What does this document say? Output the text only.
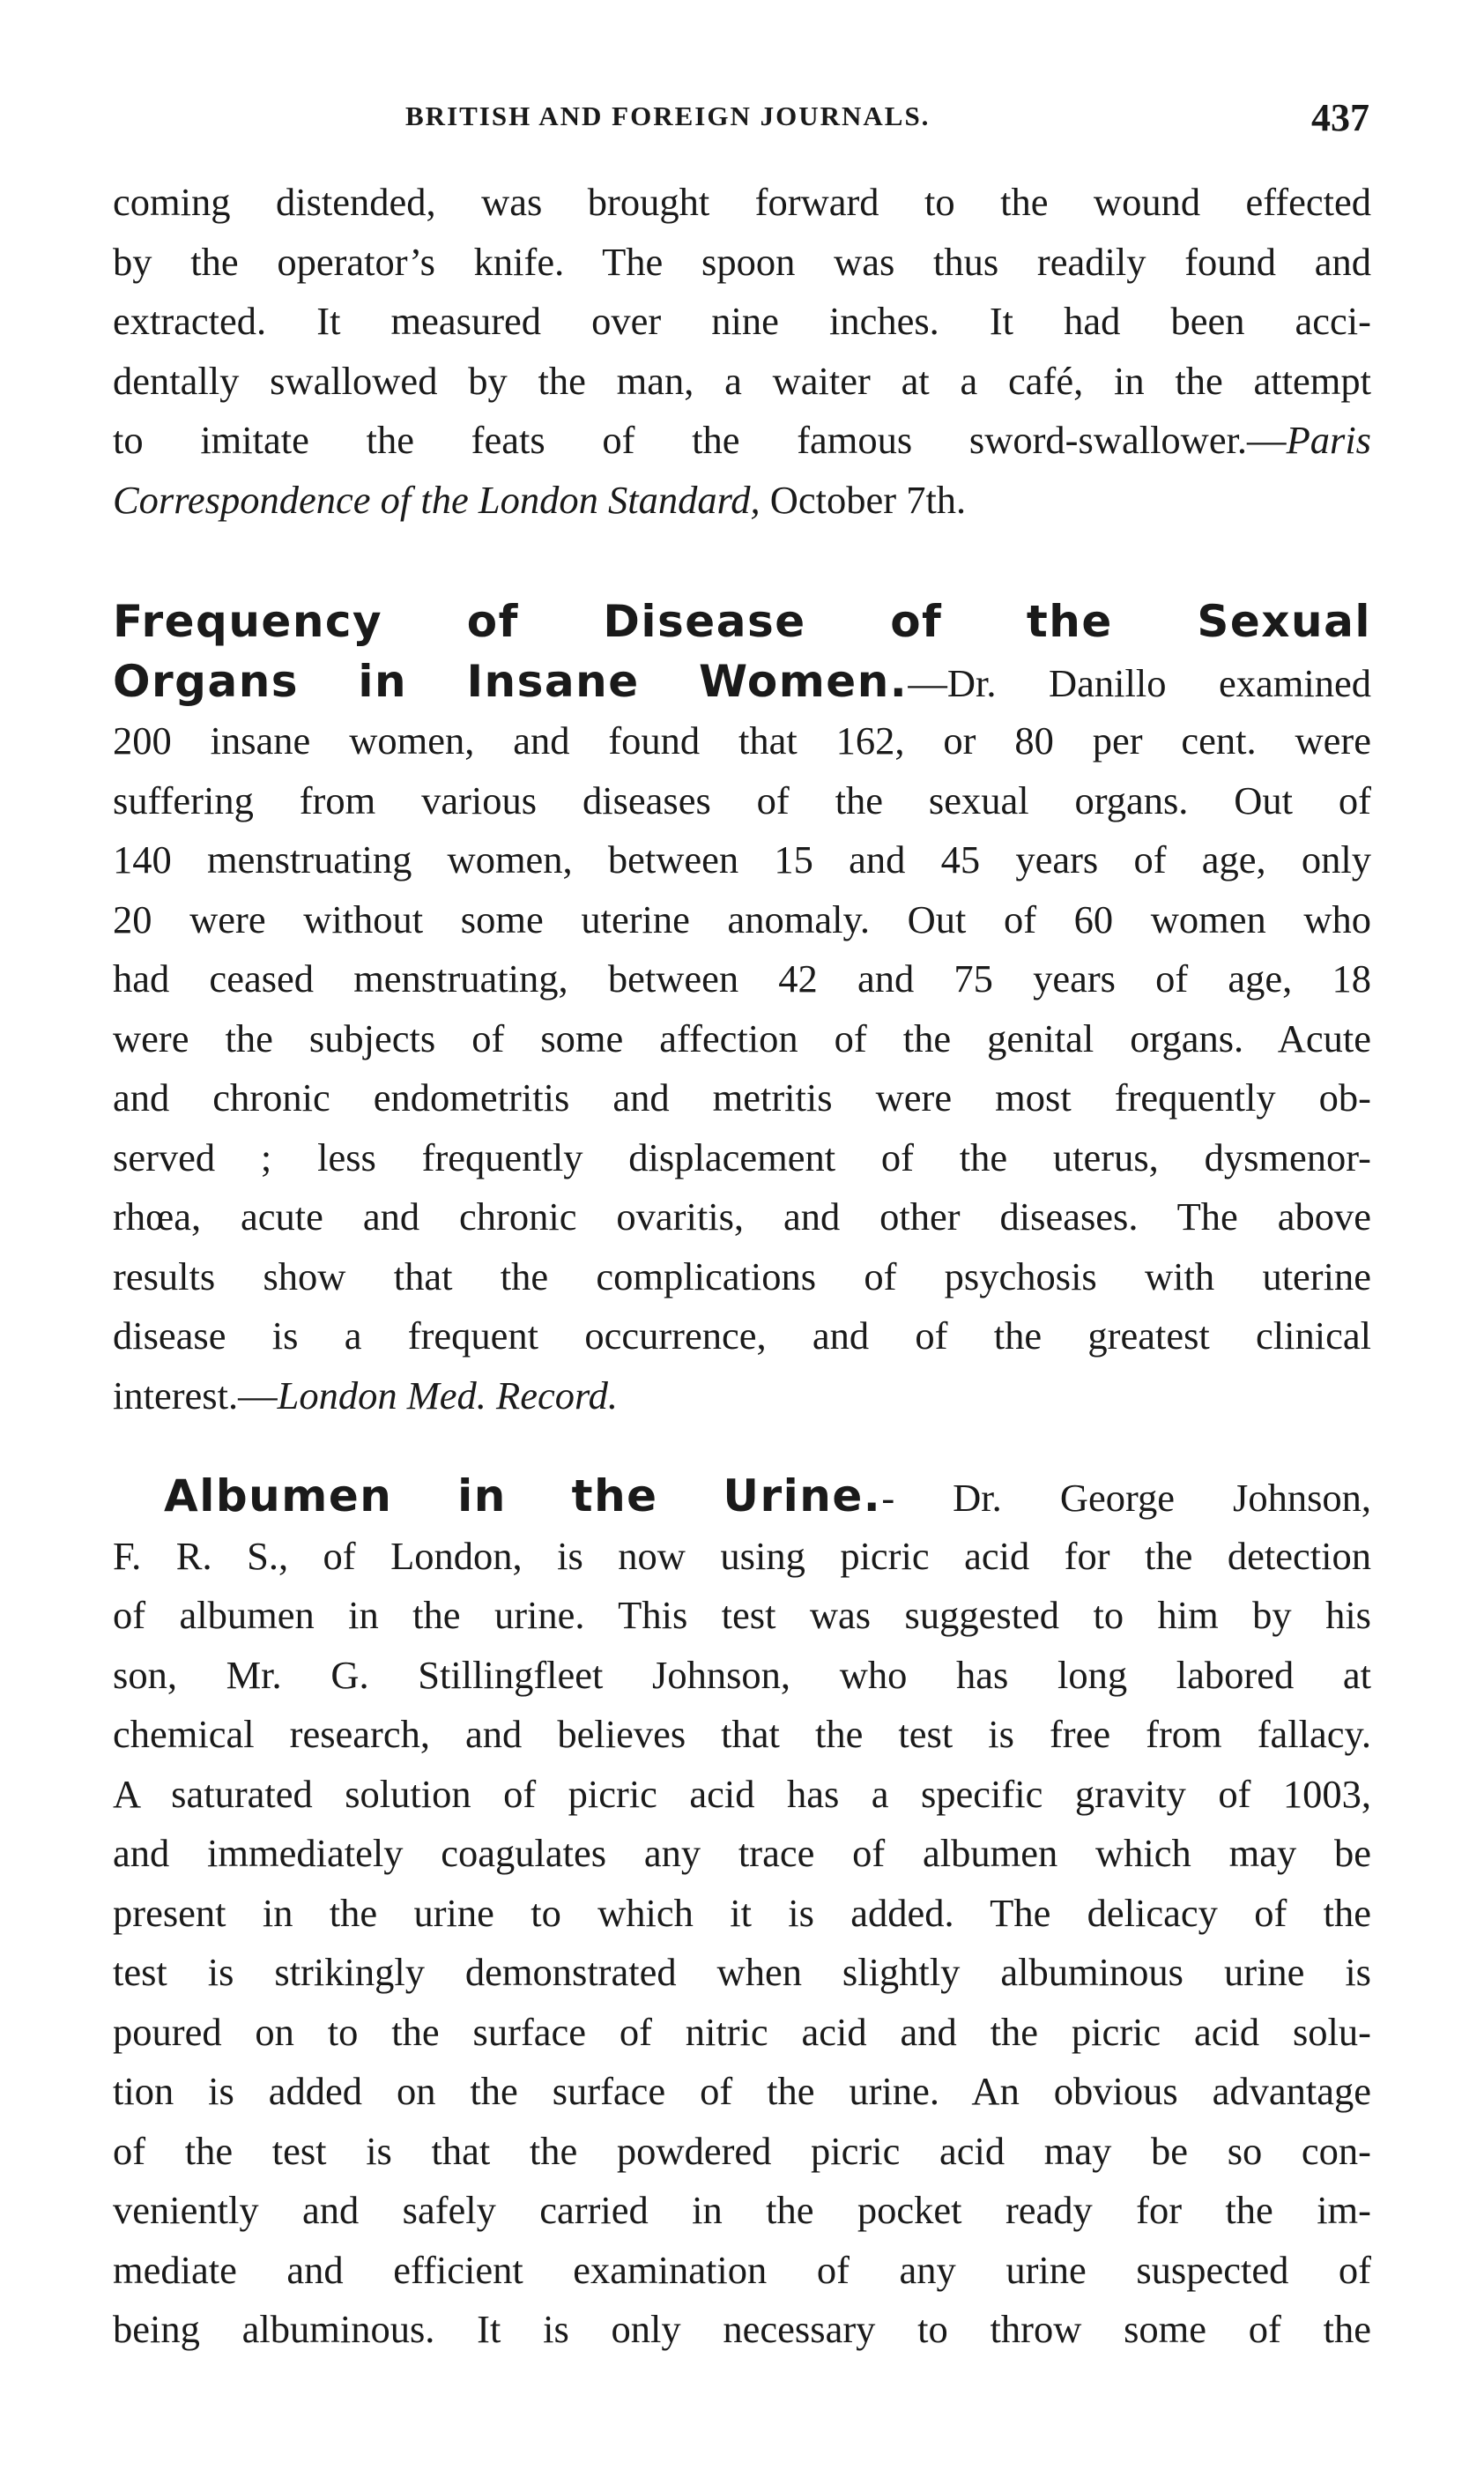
BRITISH AND FOREIGN JOURNALS.	437
coming distended, was brought forward to the wound effected
by the operator’s knife. The spoon was thus readily found and
extracted. It measured over nine inches. It had been acci-
dentally swallowed by the man, a waiter at a café, in the attempt
to imitate the feats of the famous sword-swallower.—Paris
Correspondence of the London Standard, October 7th.
Frequency of Disease of the Sexual
Organs in Insane Women.—Dr. Danillo examined
200 insane women, and found that 162, or 80 per cent. were
suffering from various diseases of the sexual organs. Out of
140 menstruating women, between 15 and 45 years of age, only
20 were without some uterine anomaly. Out of 60 women who
had ceased menstruating, between 42 and 75 years of age, 18
were the subjects of some affection of the genital organs. Acute
and chronic endometritis and metritis were most frequently ob-
served ; less frequently displacement of the uterus, dysmenor-
rhœa, acute and chronic ovaritis, and other diseases. The above
results show that the complications of psychosis with uterine
disease is a frequent occurrence, and of the greatest clinical
interest.—London Med. Record.
Albumen in the Urine.- Dr. George Johnson,
F. R. S., of London, is now using picric acid for the detection
of albumen in the urine. This test was suggested to him by his
son, Mr. G. Stillingfleet Johnson, who has long labored at
chemical research, and believes that the test is free from fallacy.
A saturated solution of picric acid has a specific gravity of 1003,
and immediately coagulates any trace of albumen which may be
present in the urine to which it is added. The delicacy of the
test is strikingly demonstrated when slightly albuminous urine is
poured on to the surface of nitric acid and the picric acid solu-
tion is added on the surface of the urine. An obvious advantage
of the test is that the powdered picric acid may be so con-
veniently and safely carried in the pocket ready for the im-
mediate and efficient examination of any urine suspected of
being albuminous. It is only necessary to throw some of the
